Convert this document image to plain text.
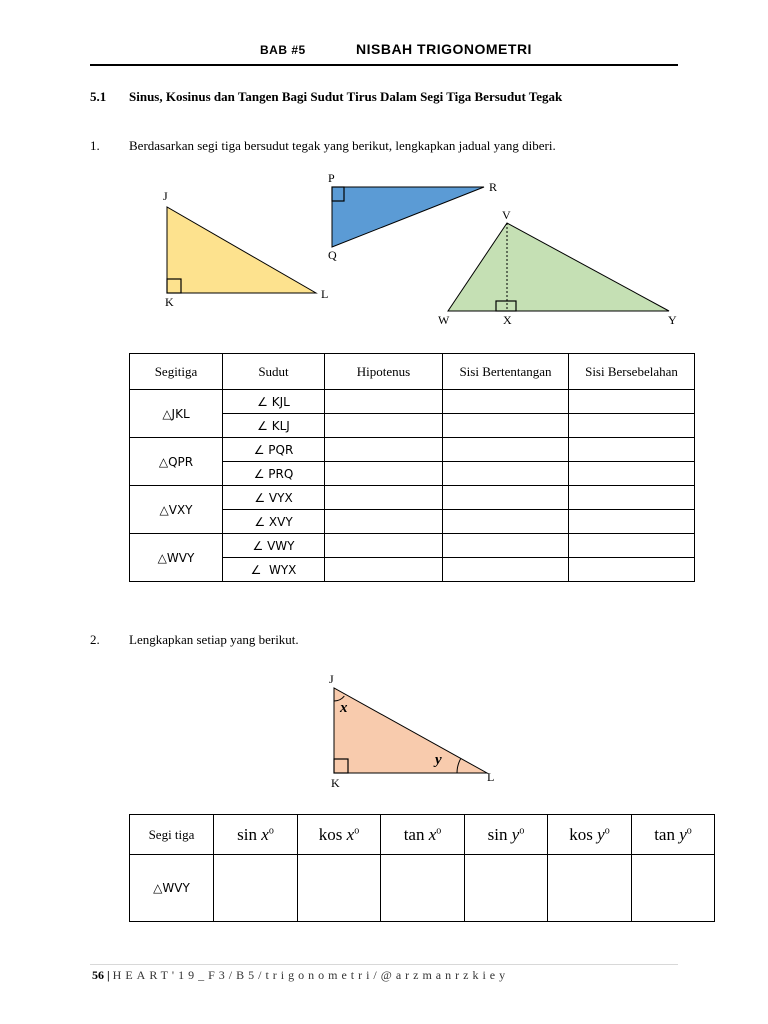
BAB #5	NISBAH TRIGONOMETRI
5.1 Sinus, Kosinus dan Tangen Bagi Sudut Tirus Dalam Segi Tiga Bersudut Tegak
1. Berdasarkan segi tiga bersudut tegak yang berikut, lengkapkan jadual yang diberi.
J
K
L
P
R
Q
V
W	X	Y
Segitiga	Sudut	Hipotenus	Sisi Bertentangan	Sisi Bersebelahan
△JKL	∠ KJL			
	∠ KLJ			
△QPR	∠ PQR			
	∠ PRQ			
△VXY	∠ VYX			
	∠ XVY			
△WVY	∠ VWY			
	∠  WYX			
2. Lengkapkan setiap yang berikut.
J
K	L
x
y
Segi tiga	$\sin x^o$	kos $x^o$	$\tan x^o$	$\sin y^o$	kos $y^o$	$\tan y^o$
△WVY						
56 | HEART'19_F3/B5/trigonometri/@arzmanrzkiey
